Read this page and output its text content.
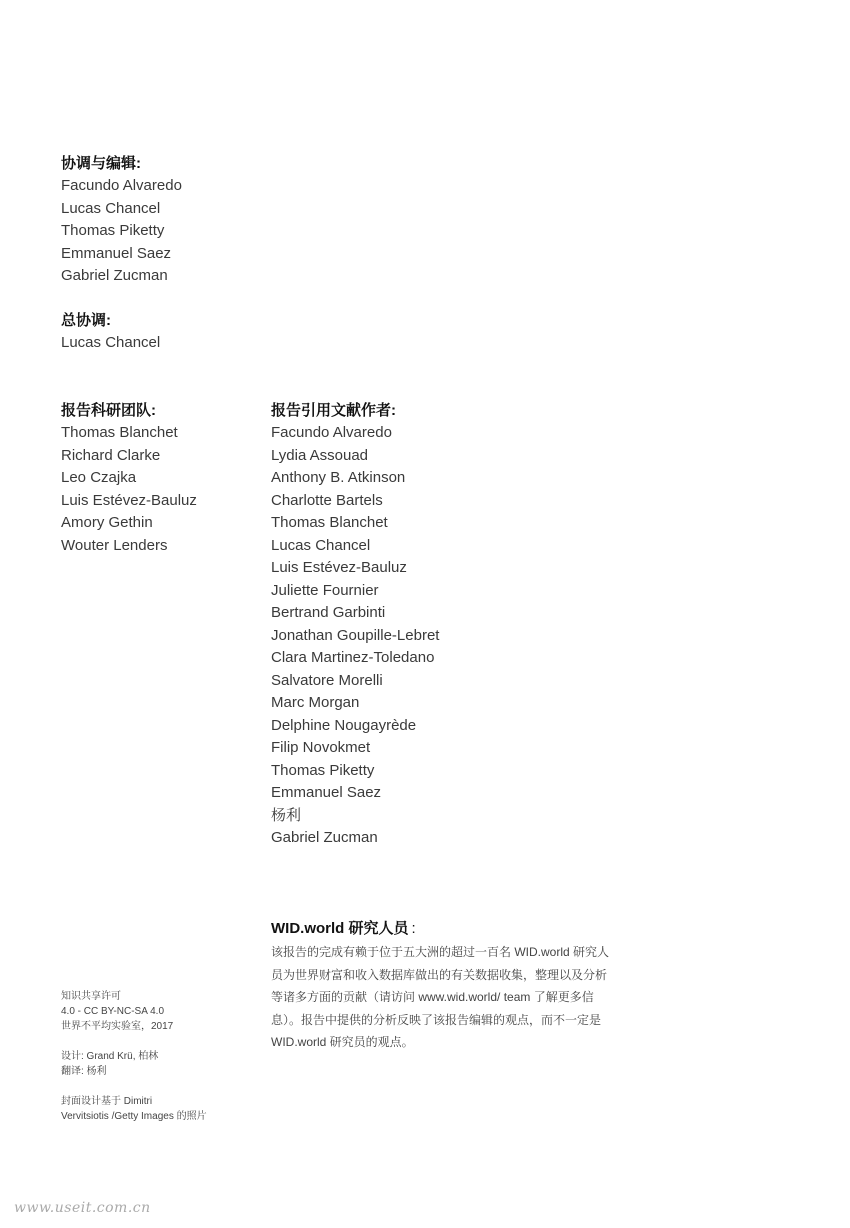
协调与编辑:
Facundo Alvaredo
Lucas Chancel
Thomas Piketty
Emmanuel Saez
Gabriel Zucman
总协调:
Lucas Chancel
报告科研团队:
Thomas Blanchet
Richard Clarke
Leo Czajka
Luis Estévez-Bauluz
Amory Gethin
Wouter Lenders
报告引用文献作者:
Facundo Alvaredo
Lydia Assouad
Anthony B. Atkinson
Charlotte Bartels
Thomas Blanchet
Lucas Chancel
Luis Estévez-Bauluz
Juliette Fournier
Bertrand Garbinti
Jonathan Goupille-Lebret
Clara Martinez-Toledano
Salvatore Morelli
Marc Morgan
Delphine Nougayrède
Filip Novokmet
Thomas Piketty
Emmanuel Saez
杨利
Gabriel Zucman
WID.world 研究人员 :
该报告的完成有赖于位于五大洲的超过一百名 WID.world 研究人员为世界财富和收入数据库做出的有关数据收集，整理以及分析等诸多方面的贡献（请访问 www.wid.world/ team 了解更多信息）。报告中提供的分析反映了该报告编辑的观点，而不一定是 WID.world 研究员的观点。
知识共享许可
4.0 - CC BY-NC-SA 4.0
世界不平均实验室，2017
设计: Grand Krü, 柏林
翻译: 杨利
封面设计基于 Dimitri
Vervitsiotis /Getty Images 的照片
www.useit.com.cn
